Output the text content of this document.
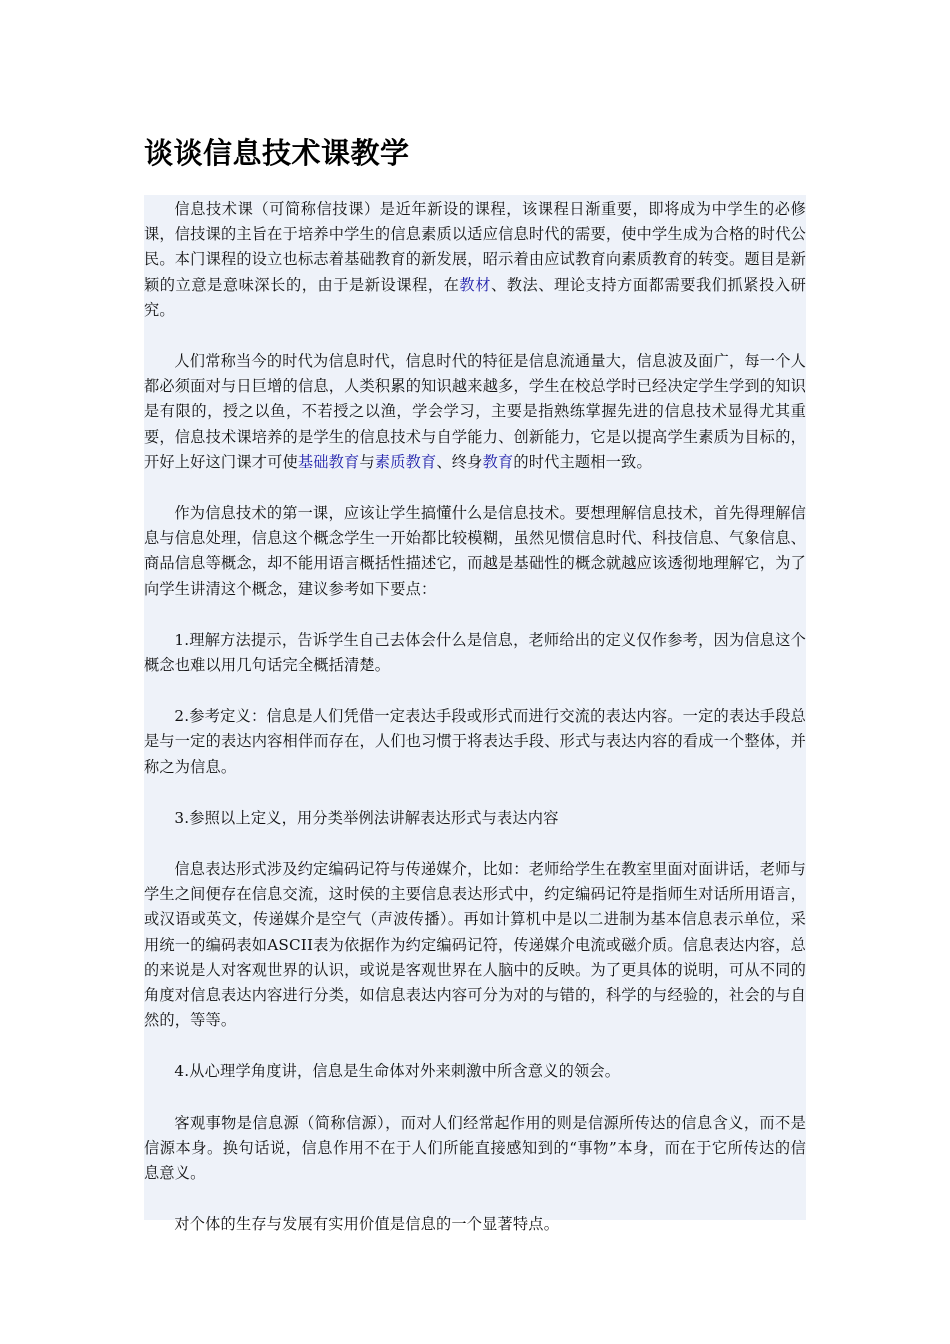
谈谈信息技术课教学

信息技术课（可简称信技课）是近年新设的课程，该课程日渐重要，即将成为中学生的必修课，信技课的主旨在于培养中学生的信息素质以适应信息时代的需要，使中学生成为合格的时代公民。本门课程的设立也标志着基础教育的新发展，昭示着由应试教育向素质教育的转变。题目是新颖的立意是意味深长的，由于是新设课程，在教材、教法、理论支持方面都需要我们抓紧投入研究。

人们常称当今的时代为信息时代，信息时代的特征是信息流通量大，信息波及面广，每一个人都必须面对与日巨增的信息，人类积累的知识越来越多，学生在校总学时已经决定学生学到的知识是有限的，授之以鱼，不若授之以渔，学会学习，主要是指熟练掌握先进的信息技术显得尤其重要，信息技术课培养的是学生的信息技术与自学能力、创新能力，它是以提高学生素质为目标的，开好上好这门课才可使基础教育与素质教育、终身教育的时代主题相一致。

作为信息技术的第一课，应该让学生搞懂什么是信息技术。要想理解信息技术，首先得理解信息与信息处理，信息这个概念学生一开始都比较模糊，虽然见惯信息时代、科技信息、气象信息、商品信息等概念，却不能用语言概括性描述它，而越是基础性的概念就越应该透彻地理解它，为了向学生讲清这个概念，建议参考如下要点：

1.理解方法提示，告诉学生自己去体会什么是信息，老师给出的定义仅作参考，因为信息这个概念也难以用几句话完全概括清楚。

2.参考定义：信息是人们凭借一定表达手段或形式而进行交流的表达内容。一定的表达手段总是与一定的表达内容相伴而存在，人们也习惯于将表达手段、形式与表达内容的看成一个整体，并称之为信息。

3.参照以上定义，用分类举例法讲解表达形式与表达内容

信息表达形式涉及约定编码记符与传递媒介，比如：老师给学生在教室里面对面讲话，老师与学生之间便存在信息交流，这时侯的主要信息表达形式中，约定编码记符是指师生对话所用语言，或汉语或英文，传递媒介是空气（声波传播）。再如计算机中是以二进制为基本信息表示单位，采用统一的编码表如ASCII表为依据作为约定编码记符，传递媒介电流或磁介质。信息表达内容，总的来说是人对客观世界的认识，或说是客观世界在人脑中的反映。为了更具体的说明，可从不同的角度对信息表达内容进行分类，如信息表达内容可分为对的与错的，科学的与经验的，社会的与自然的，等等。

4.从心理学角度讲，信息是生命体对外来刺激中所含意义的领会。

客观事物是信息源（简称信源），而对人们经常起作用的则是信源所传达的信息含义，而不是信源本身。换句话说，信息作用不在于人们所能直接感知到的“事物”本身，而在于它所传达的信息意义。

对个体的生存与发展有实用价值是信息的一个显著特点。
